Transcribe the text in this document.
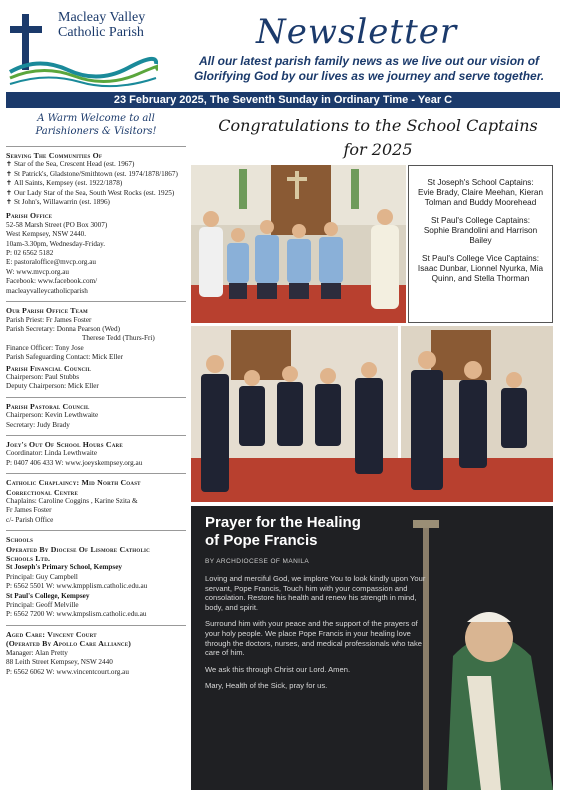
Macleay Valley
Catholic Parish	Newsletter
All our latest parish family news as we live out our vision of
Glorifying God by our lives as we journey and serve together.
23 February 2025, The Seventh Sunday in Ordinary Time - Year C
A Warm Welcome to all
Parishioners & Visitors!
Serving The Communities Of
✝ Star of the Sea, Crescent Head (est. 1967)
✝ St Patrick's, Gladstone/Smithtown (est. 1974/1878/1867)
✝ All Saints, Kempsey (est. 1922/1878)
✝ Our Lady Star of the Sea, South West Rocks (est. 1925)
✝ St John's, Willawarrin (est. 1896)
Parish Office
52-58 Marsh Street (PO Box 3007)
West Kempsey, NSW 2440.
10am-3.30pm, Wednesday-Friday.
P: 02 6562 5182
E: pastoraloffice@mvcp.org.au
W: www.mvcp.org.au
Facebook: www.facebook.com/
macleayvalleycatholicparish
Our Parish Office Team
Parish Priest: Fr James Foster
Parish Secretary: Donna Pearson (Wed)
Therese Tedd (Thurs-Fri)
Finance Officer: Tony Jose
Parish Safeguarding Contact: Mick Eller
Parish Financial Council
Chairperson: Paul Stubbs
Deputy Chairperson: Mick Eller
Parish Pastoral Council
Chairperson: Kevin Lewthwaite
Secretary: Judy Brady
Joey's Out Of School Hours Care
Coordinator: Linda Lewthwaite
P: 0407 406 433 W: www.joeyskempsey.org.au
Catholic Chaplaincy: Mid North Coast
Correctional Centre
Chaplains: Caroline Coggins , Karine Szita &
Fr James Foster
c/- Parish Office
Schools
Operated By Diocese Of Lismore Catholic
Schools Ltd.
St Joseph's Primary School, Kempsey
Principal: Guy Campbell
P: 6562 5501 W: www.kmpplism.catholic.edu.au
St Paul's College, Kempsey
Principal: Geoff Melville
P: 6562 7200 W: www.kmpslism.catholic.edu.au
Aged Care: Vincent Court
(Operated By Apollo Care Alliance)
Manager: Alan Pretty
88 Leith Street Kempsey, NSW 2440
P: 6562 6062 W: www.vincentcourt.org.au
Congratulations to the School Captains
for 2025

St Joseph's School Captains:
Evie Brady, Claire Meehan, Kieran Tolman and Buddy Moorehead

St Paul's College Captains:
Sophie Brandolini and Harrison Bailey

St Paul's College Vice Captains:
Isaac Dunbar, Lionnel Nyurka, Mia Quinn, and Stella Thorman

Prayer for the Healing
of Pope Francis
BY ARCHDIOCESE OF MANILA

Loving and merciful God, we implore You to look kindly upon Your servant, Pope Francis, Touch him with your compassion and consolation. Restore his health and renew his strength in mind, body, and spirit.

Surround him with your peace and the support of the prayers of your holy people. We place Pope Francis in your healing love through the doctors, nurses, and medical professionals who take care of him.

We ask this through Christ our Lord. Amen.

Mary, Health of the Sick, pray for us.
